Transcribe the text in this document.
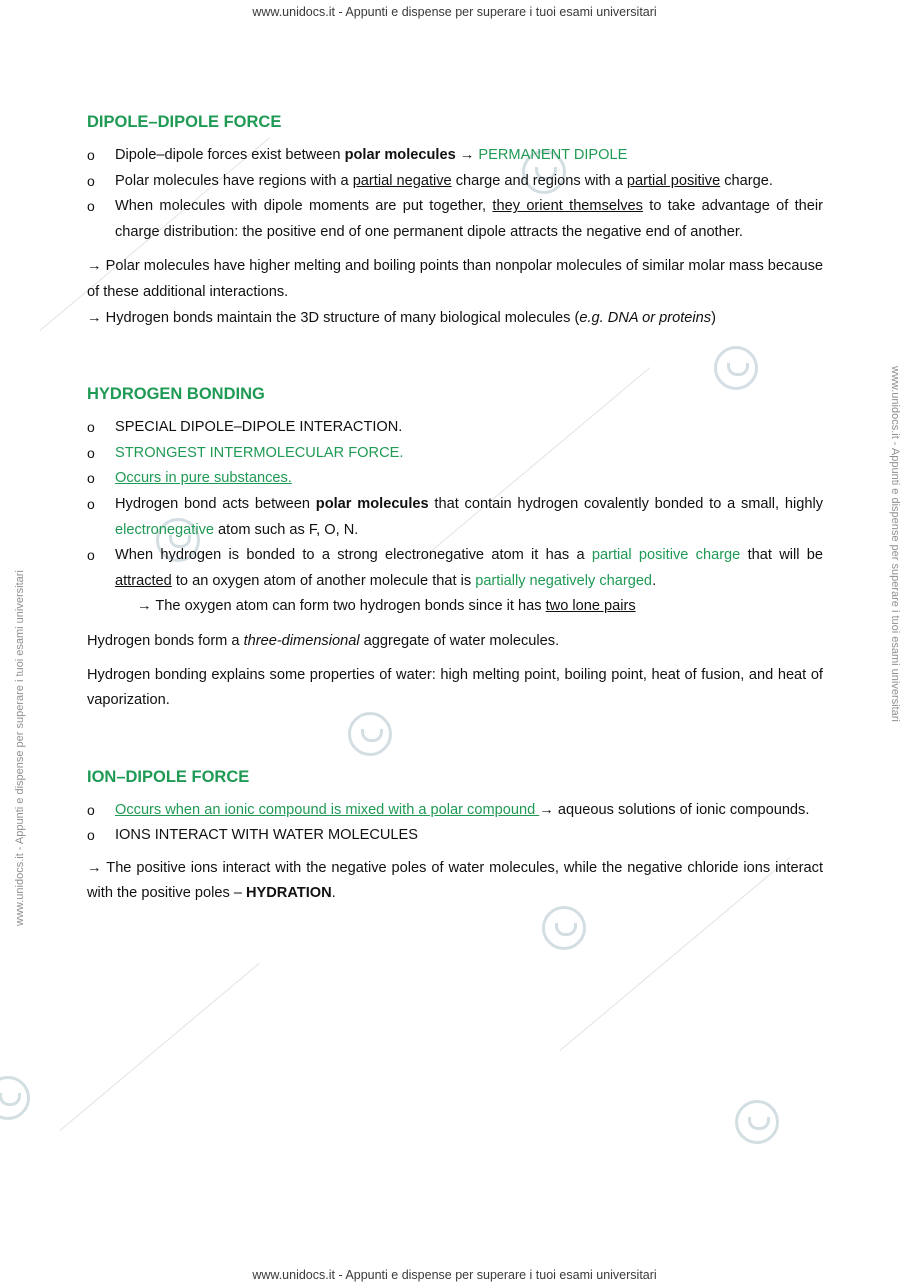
www.unidocs.it - Appunti e dispense per superare i tuoi esami universitari
www.unidocs.it - Appunti e dispense per superare i tuoi esami universitari
www.unidocs.it - Appunti e dispense per superare i tuoi esami universitari
www.unidocs.it - Appunti e dispense per superare i tuoi esami universitari
DIPOLE–DIPOLE FORCE
o Dipole–dipole forces exist between polar molecules → PERMANENT DIPOLE
o Polar molecules have regions with a partial negative charge and regions with a partial positive charge.
o When molecules with dipole moments are put together, they orient themselves to take advantage of their charge distribution: the positive end of one permanent dipole attracts the negative end of another.

→ Polar molecules have higher melting and boiling points than nonpolar molecules of similar molar mass because of these additional interactions.

→ Hydrogen bonds maintain the 3D structure of many biological molecules (e.g. DNA or proteins)

HYDROGEN BONDING
o SPECIAL DIPOLE–DIPOLE INTERACTION.
o STRONGEST INTERMOLECULAR FORCE.
o Occurs in pure substances.
o Hydrogen bond acts between polar molecules that contain hydrogen covalently bonded to a small, highly electronegative atom such as F, O, N.
o When hydrogen is bonded to a strong electronegative atom it has a partial positive charge that will be attracted to an oxygen atom of another molecule that is partially negatively charged.
→ The oxygen atom can form two hydrogen bonds since it has two lone pairs

Hydrogen bonds form a three-dimensional aggregate of water molecules.

Hydrogen bonding explains some properties of water: high melting point, boiling point, heat of fusion, and heat of vaporization.

ION–DIPOLE FORCE
o Occurs when an ionic compound is mixed with a polar compound → aqueous solutions of ionic compounds.
o IONS INTERACT WITH WATER MOLECULES

→ The positive ions interact with the negative poles of water molecules, while the negative chloride ions interact with the positive poles – HYDRATION.
